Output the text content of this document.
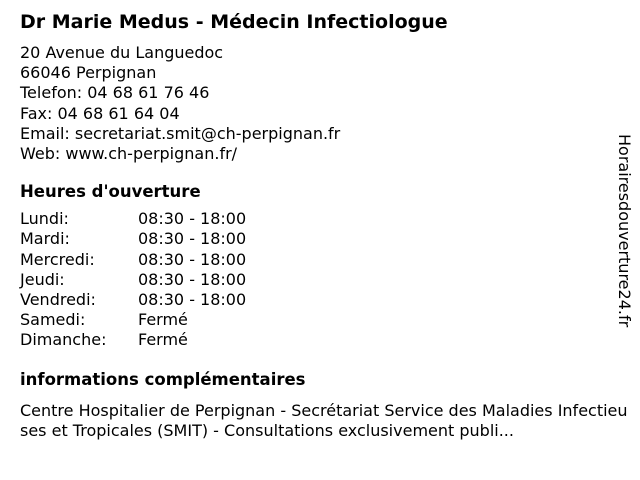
Dr Marie Medus - Médecin Infectiologue
20 Avenue du Languedoc
66046 Perpignan
Telefon: 04 68 61 76 46
Fax: 04 68 61 64 04
Email: secretariat.smit@ch-perpignan.fr
Web: www.ch-perpignan.fr/
Heures d'ouverture
Lundi:	08:30 - 18:00
Mardi:	08:30 - 18:00
Mercredi:	08:30 - 18:00
Jeudi:	08:30 - 18:00
Vendredi:	08:30 - 18:00
Samedi:	Fermé
Dimanche:	Fermé
informations complémentaires
Centre Hospitalier de Perpignan - Secrétariat Service des Maladies Infectieuses et Tropicales (SMIT) - Consultations exclusivement publi...
Horairesdouverture24.fr
